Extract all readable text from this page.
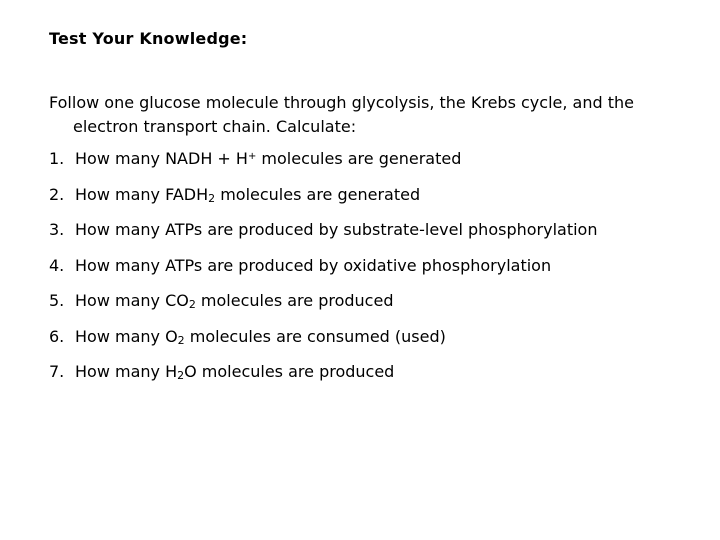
Test Your Knowledge:

Follow one glucose molecule through glycolysis, the Krebs cycle, and the electron transport chain. Calculate:

1. How many NADH + H+ molecules are generated
2. How many $FADH_2$ molecules are generated
3. How many ATPs are produced by substrate-level phosphorylation
4. How many ATPs are produced by oxidative phosphorylation
5. How many $CO_2$ molecules are produced
6. How many $O_2$ molecules are consumed (used)
7. How many $H_2O$ molecules are produced
